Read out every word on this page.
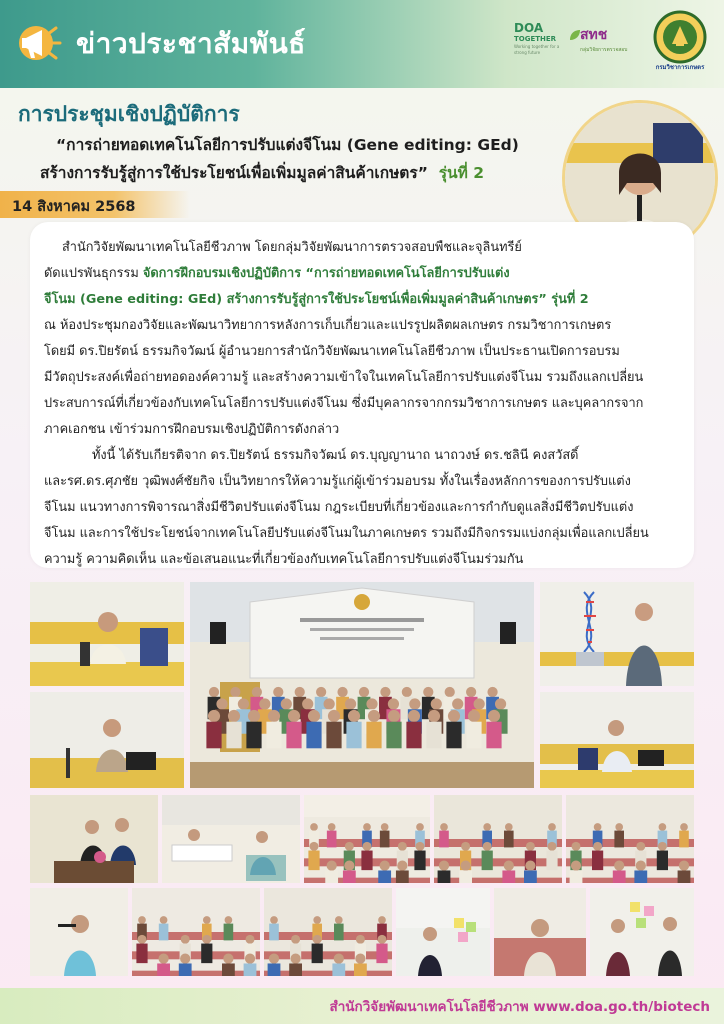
ข่าวประชาสัมพันธ์	DOA
TOGETHER
Working together for a strong future
สทช
กลุ่มวิจัยการตรวจสอบ
กรมวิชาการเกษตร
การประชุมเชิงปฏิบัติการ
“การถ่ายทอดเทคโนโลยีการปรับแต่งจีโนม (Gene editing: GEd)
สร้างการรับรู้สู่การใช้ประโยชน์เพื่อเพิ่มมูลค่าสินค้าเกษตร” รุ่นที่ 2
14 สิงหาคม 2568
สำนักวิจัยพัฒนาเทคโนโลยีชีวภาพ โดยกลุ่มวิจัยพัฒนาการตรวจสอบพืชและจุลินทรีย์
ดัดแปรพันธุกรรม จัดการฝึกอบรมเชิงปฏิบัติการ “การถ่ายทอดเทคโนโลยีการปรับแต่ง
จีโนม (Gene editing: GEd) สร้างการรับรู้สู่การใช้ประโยชน์เพื่อเพิ่มมูลค่าสินค้าเกษตร” รุ่นที่ 2
ณ ห้องประชุมกองวิจัยและพัฒนาวิทยาการหลังการเก็บเกี่ยวและแปรรูปผลิตผลเกษตร กรมวิชาการเกษตร
โดยมี ดร.ปิยรัตน์ ธรรมกิจวัฒน์ ผู้อำนวยการสำนักวิจัยพัฒนาเทคโนโลยีชีวภาพ เป็นประธานเปิดการอบรม
มีวัตถุประสงค์เพื่อถ่ายทอดองค์ความรู้ และสร้างความเข้าใจในเทคโนโลยีการปรับแต่งจีโนม รวมถึงแลกเปลี่ยน
ประสบการณ์ที่เกี่ยวข้องกับเทคโนโลยีการปรับแต่งจีโนม ซึ่งมีบุคลากรจากกรมวิชาการเกษตร และบุคลากรจาก
ภาคเอกชน เข้าร่วมการฝึกอบรมเชิงปฏิบัติการดังกล่าว
ทั้งนี้ ได้รับเกียรติจาก ดร.ปิยรัตน์ ธรรมกิจวัฒน์ ดร.บุญญานาถ นาถวงษ์ ดร.ชลินี คงสวัสดิ์
และรศ.ดร.ศุภชัย วุฒิพงศ์ชัยกิจ เป็นวิทยากรให้ความรู้แก่ผู้เข้าร่วมอบรม ทั้งในเรื่องหลักการของการปรับแต่ง
จีโนม แนวทางการพิจารณาสิ่งมีชีวิตปรับแต่งจีโนม กฎระเบียบที่เกี่ยวข้องและการกำกับดูแลสิ่งมีชีวิตปรับแต่ง
จีโนม และการใช้ประโยชน์จากเทคโนโลยีปรับแต่งจีโนมในภาคเกษตร รวมถึงมีกิจกรรมแบ่งกลุ่มเพื่อแลกเปลี่ยน
ความรู้ ความคิดเห็น และข้อเสนอแนะที่เกี่ยวข้องกับเทคโนโลยีการปรับแต่งจีโนมร่วมกัน
สำนักวิจัยพัฒนาเทคโนโลยีชีวภาพ www.doa.go.th/biotech
